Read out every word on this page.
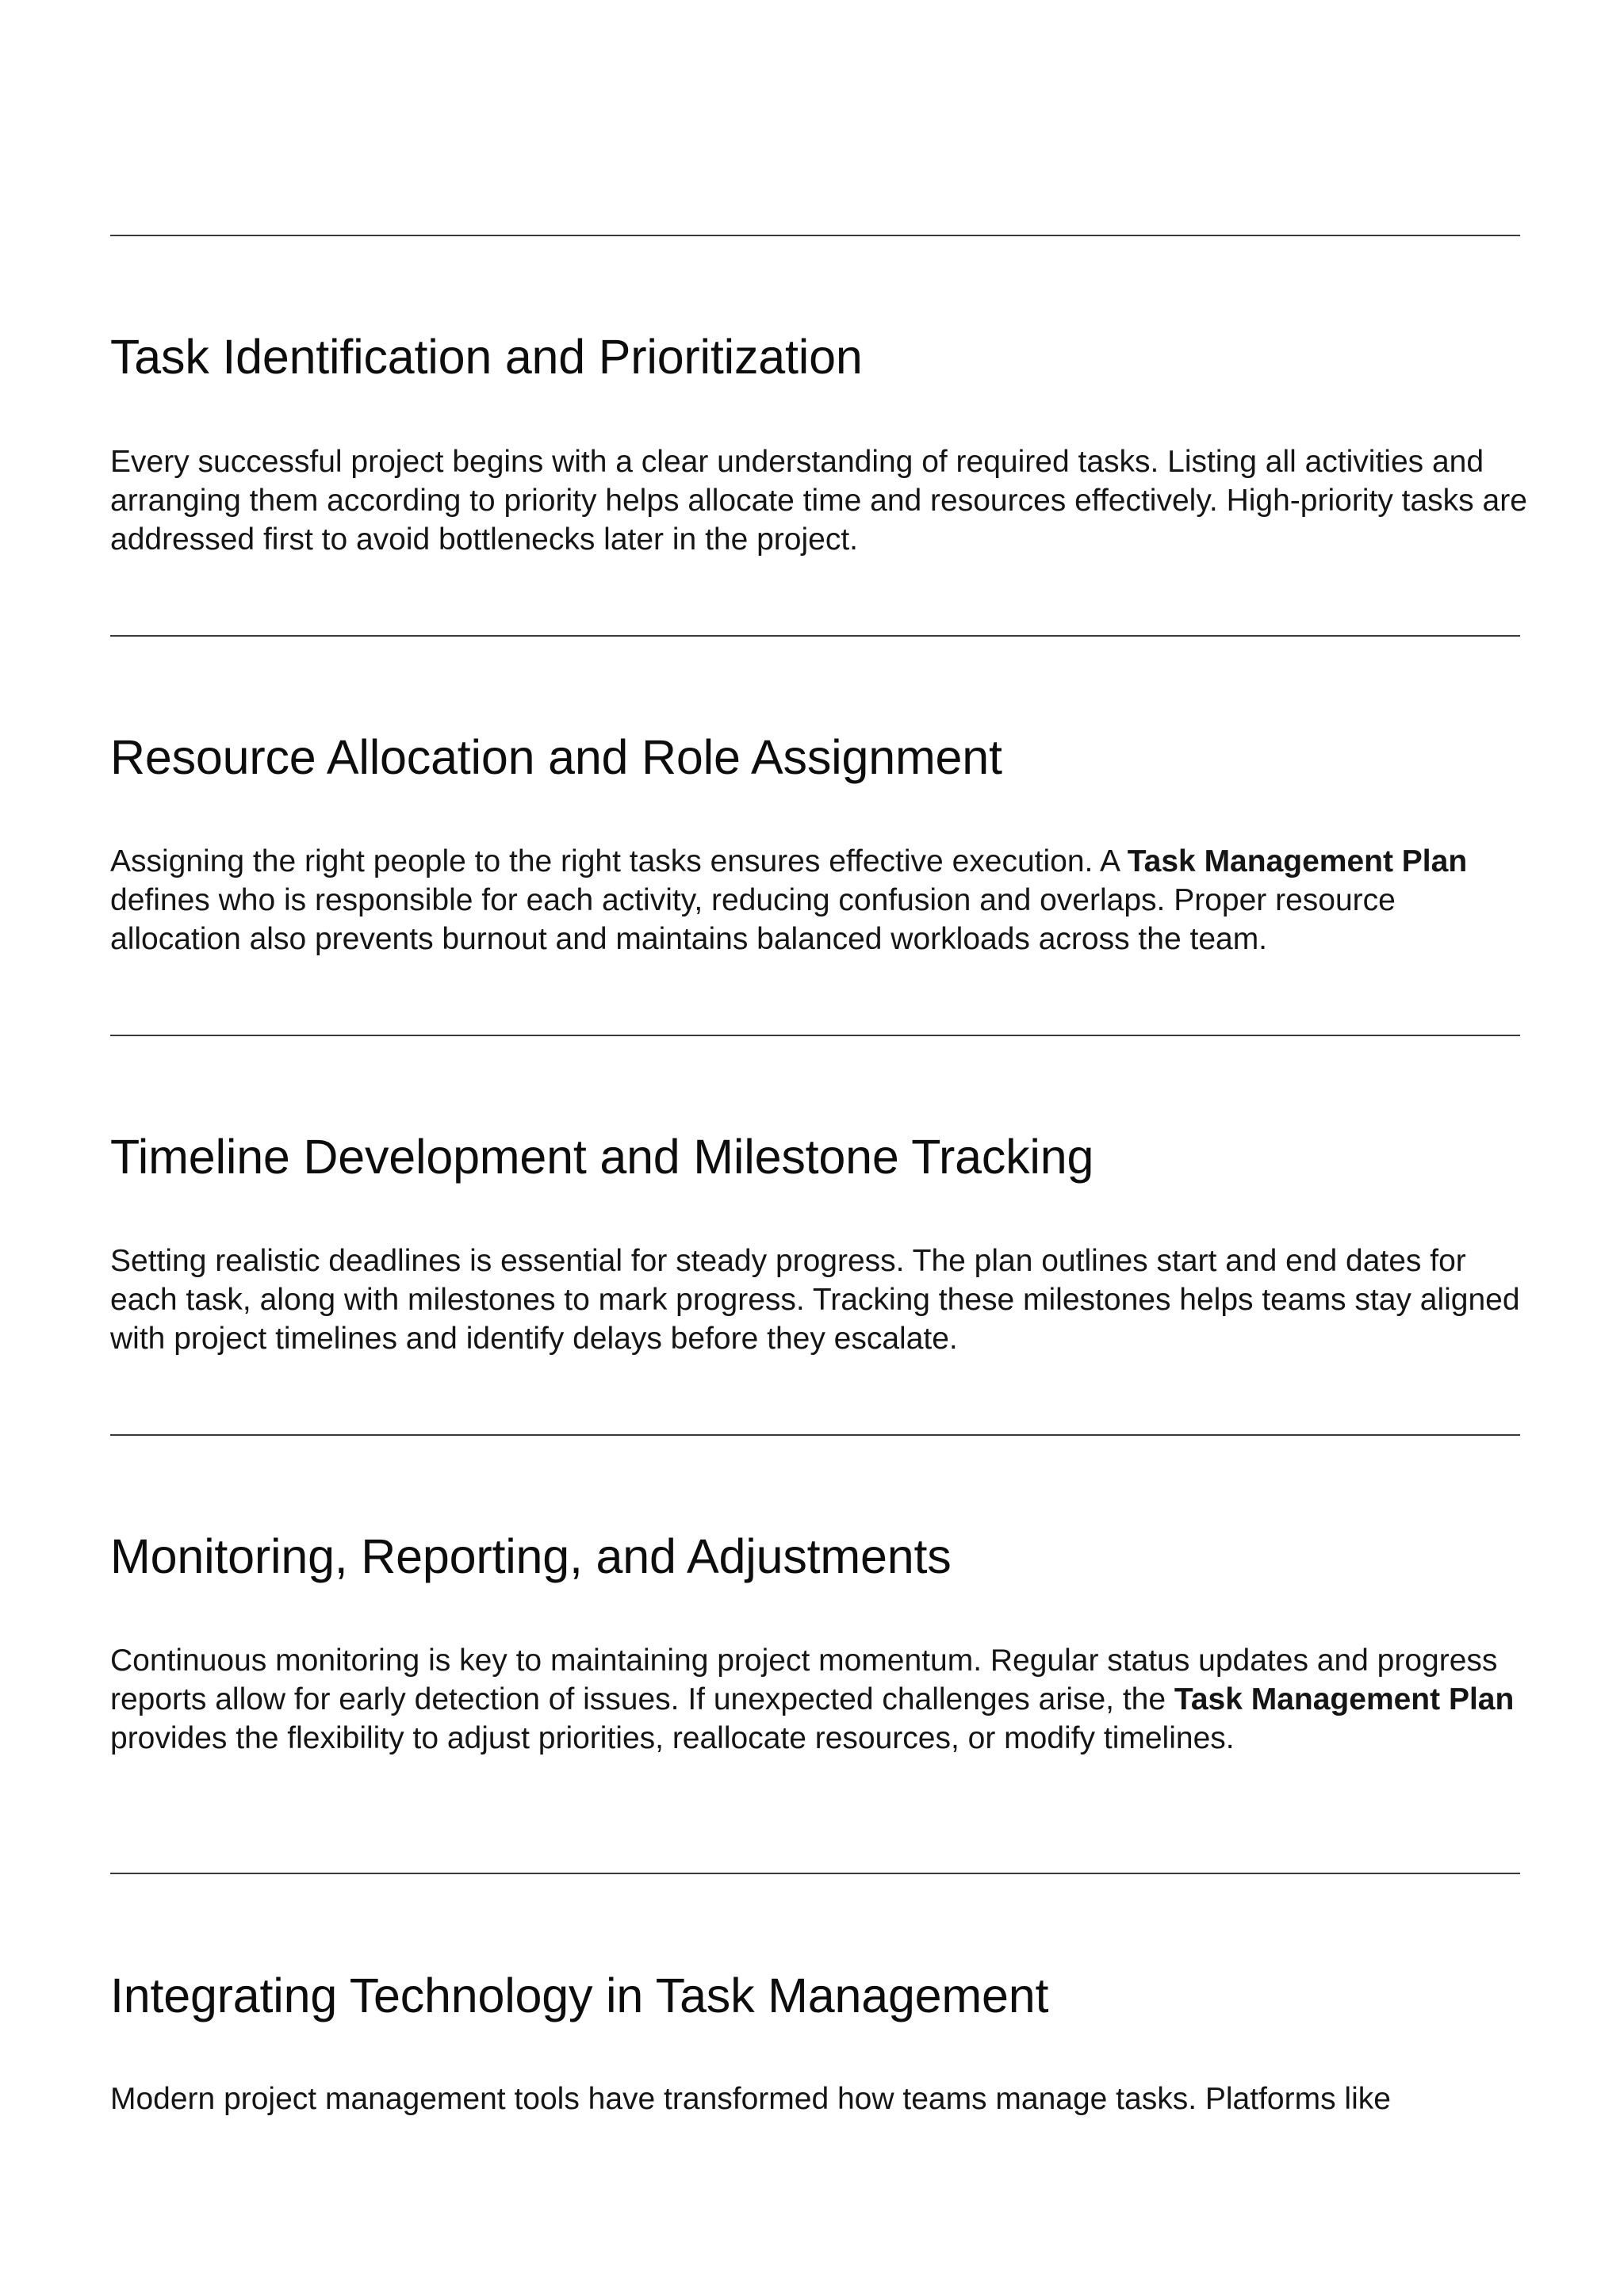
Task Identification and Prioritization

Every successful project begins with a clear understanding of required tasks. Listing all activities and arranging them according to priority helps allocate time and resources effectively. High-priority tasks are addressed first to avoid bottlenecks later in the project.

Resource Allocation and Role Assignment

Assigning the right people to the right tasks ensures effective execution. A Task Management Plan defines who is responsible for each activity, reducing confusion and overlaps. Proper resource allocation also prevents burnout and maintains balanced workloads across the team.

Timeline Development and Milestone Tracking

Setting realistic deadlines is essential for steady progress. The plan outlines start and end dates for each task, along with milestones to mark progress. Tracking these milestones helps teams stay aligned with project timelines and identify delays before they escalate.

Monitoring, Reporting, and Adjustments

Continuous monitoring is key to maintaining project momentum. Regular status updates and progress reports allow for early detection of issues. If unexpected challenges arise, the Task Management Plan provides the flexibility to adjust priorities, reallocate resources, or modify timelines.

Integrating Technology in Task Management

Modern project management tools have transformed how teams manage tasks. Platforms like
